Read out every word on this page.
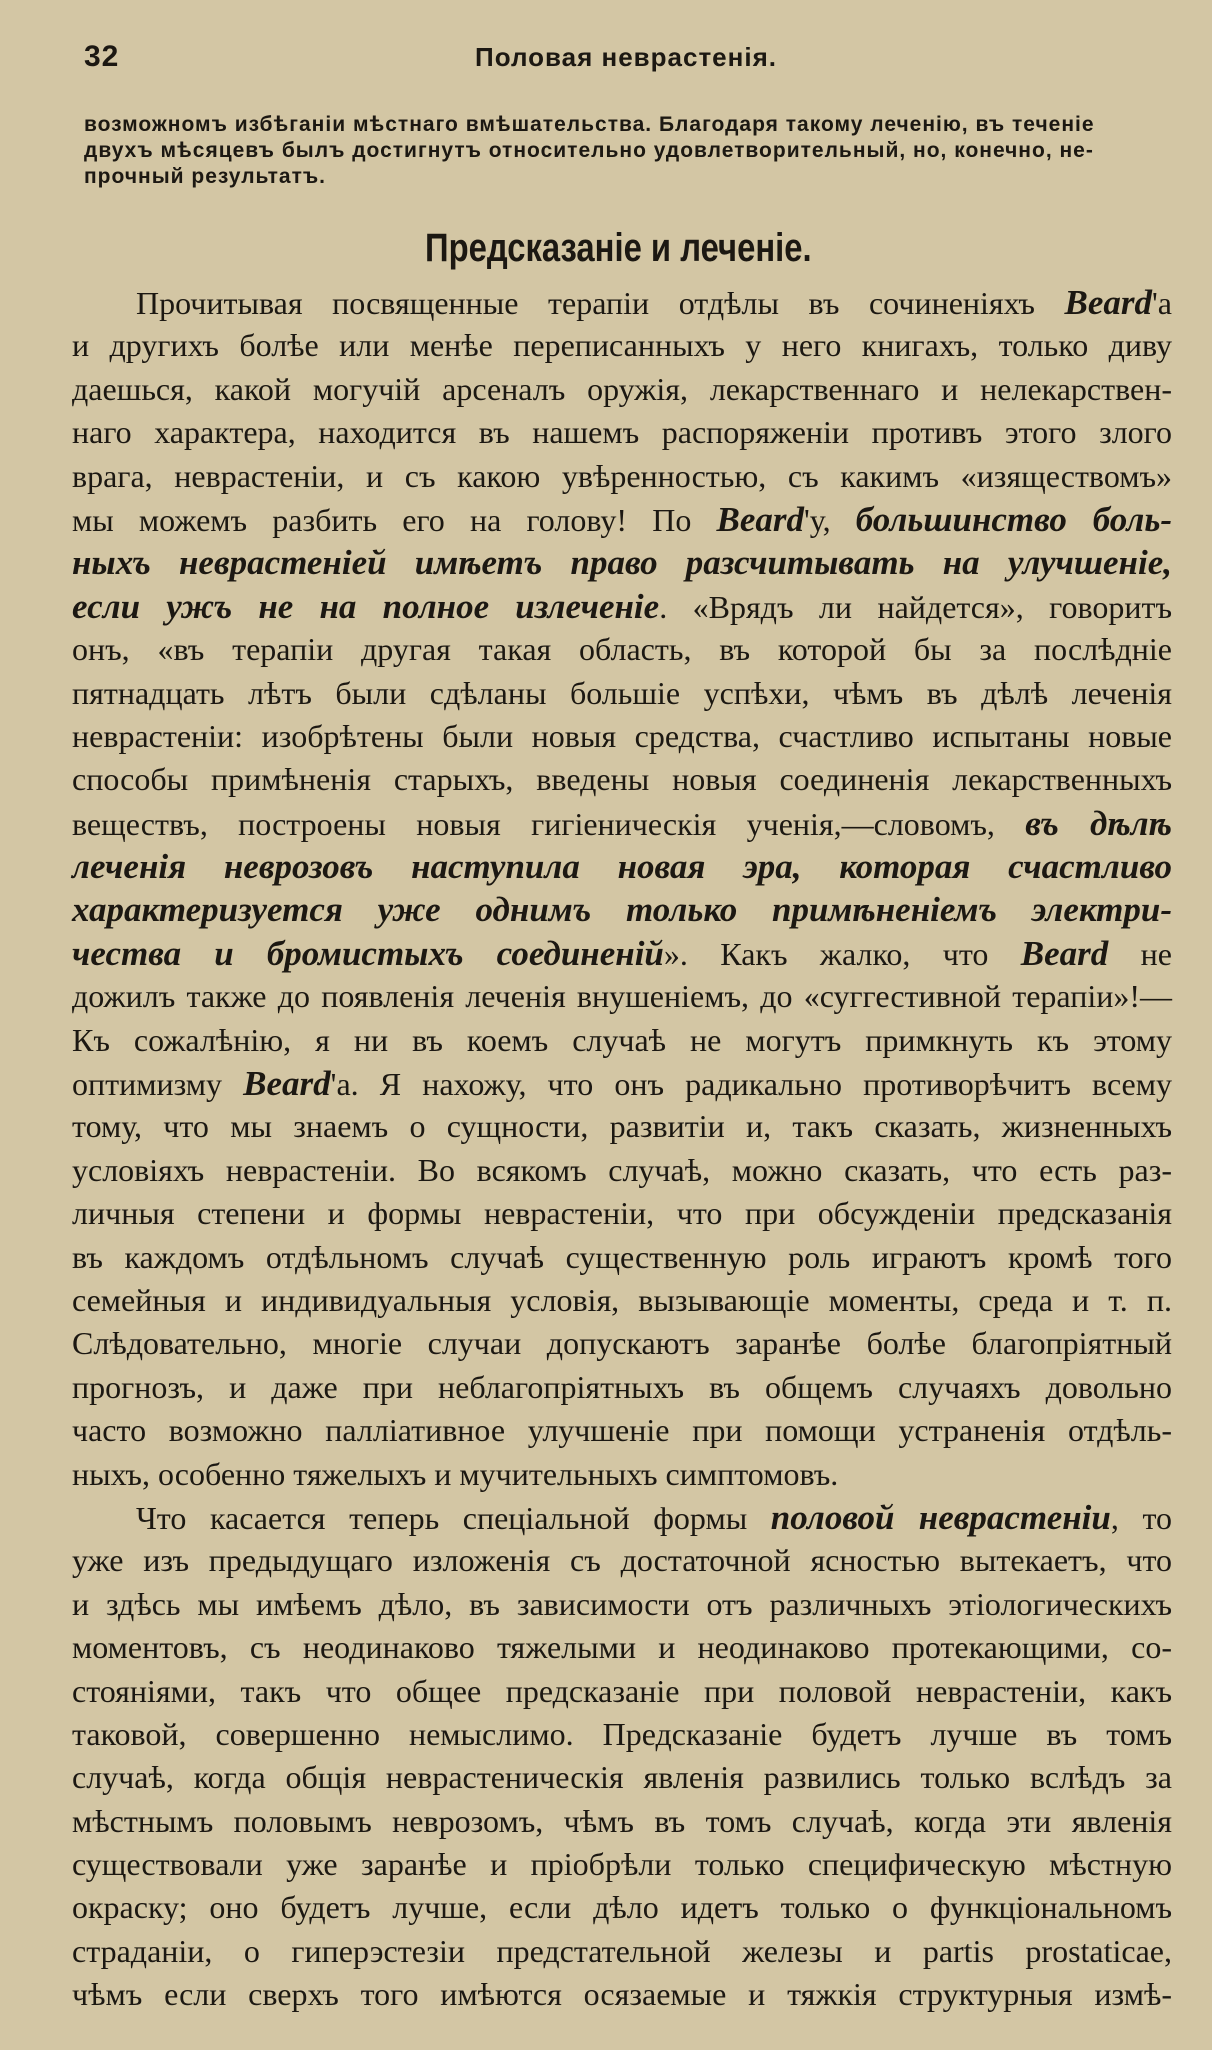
32	Половая неврастенія.
возможномъ избѣганіи мѣстнаго вмѣшательства. Благодаря такому леченію, въ теченіе
двухъ мѣсяцевъ былъ достигнутъ относительно удовлетворительный, но, конечно, не-
прочный результатъ.
Предсказаніе и леченіе.
Прочитывая посвященные терапіи отдѣлы въ сочиненіяхъ Beard'а
и другихъ болѣе или менѣе переписанныхъ у него книгахъ, только диву
даешься, какой могучій арсеналъ оружія, лекарственнаго и нелекарствен-
наго характера, находится въ нашемъ распоряженіи противъ этого злого
врага, неврастеніи, и съ какою увѣренностью, съ какимъ «изяществомъ»
мы можемъ разбить его на голову! По Beard'у, большинство боль-
ныхъ неврастеніей имѣетъ право разсчитывать на улучшеніе,
если ужъ не на полное излеченіе. «Врядъ ли найдется», говоритъ
онъ, «въ терапіи другая такая область, въ которой бы за послѣдніе
пятнадцать лѣтъ были сдѣланы большіе успѣхи, чѣмъ въ дѣлѣ леченія
неврастеніи: изобрѣтены были новыя средства, счастливо испытаны новые
способы примѣненія старыхъ, введены новыя соединенія лекарственныхъ
веществъ, построены новыя гигіеническія ученія,—словомъ, въ дѣлѣ
леченія неврозовъ наступила новая эра, которая счастливо
характеризуется уже однимъ только примѣненіемъ электри-
чества и бромистыхъ соединеній». Какъ жалко, что Beard не
дожилъ также до появленія леченія внушеніемъ, до «суггестивной терапіи»!—
Къ сожалѣнію, я ни въ коемъ случаѣ не могутъ примкнуть къ этому
оптимизму Beard'а. Я нахожу, что онъ радикально противорѣчитъ всему
тому, что мы знаемъ о сущности, развитіи и, такъ сказать, жизненныхъ
условіяхъ неврастеніи. Во всякомъ случаѣ, можно сказать, что есть раз-
личныя степени и формы неврастеніи, что при обсужденіи предсказанія
въ каждомъ отдѣльномъ случаѣ существенную роль играютъ кромѣ того
семейныя и индивидуальныя условія, вызывающіе моменты, среда и т. п.
Слѣдовательно, многіе случаи допускаютъ заранѣе болѣе благопріятный
прогнозъ, и даже при неблагопріятныхъ въ общемъ случаяхъ довольно
часто возможно палліативное улучшеніе при помощи устраненія отдѣль-
ныхъ, особенно тяжелыхъ и мучительныхъ симптомовъ.
Что касается теперь спеціальной формы половой неврастеніи, то
уже изъ предыдущаго изложенія съ достаточной ясностью вытекаетъ, что
и здѣсь мы имѣемъ дѣло, въ зависимости отъ различныхъ этіологическихъ
моментовъ, съ неодинаково тяжелыми и неодинаково протекающими, со-
стояніями, такъ что общее предсказаніе при половой неврастеніи, какъ
таковой, совершенно немыслимо. Предсказаніе будетъ лучше въ томъ
случаѣ, когда общія неврастеническія явленія развились только вслѣдъ за
мѣстнымъ половымъ неврозомъ, чѣмъ въ томъ случаѣ, когда эти явленія
существовали уже заранѣе и пріобрѣли только специфическую мѣстную
окраску; оно будетъ лучше, если дѣло идетъ только о функціональномъ
страданіи, о гиперэстезіи предстательной железы и partis prostaticae,
чѣмъ если сверхъ того имѣются осязаемые и тяжкія структурныя измѣ-
